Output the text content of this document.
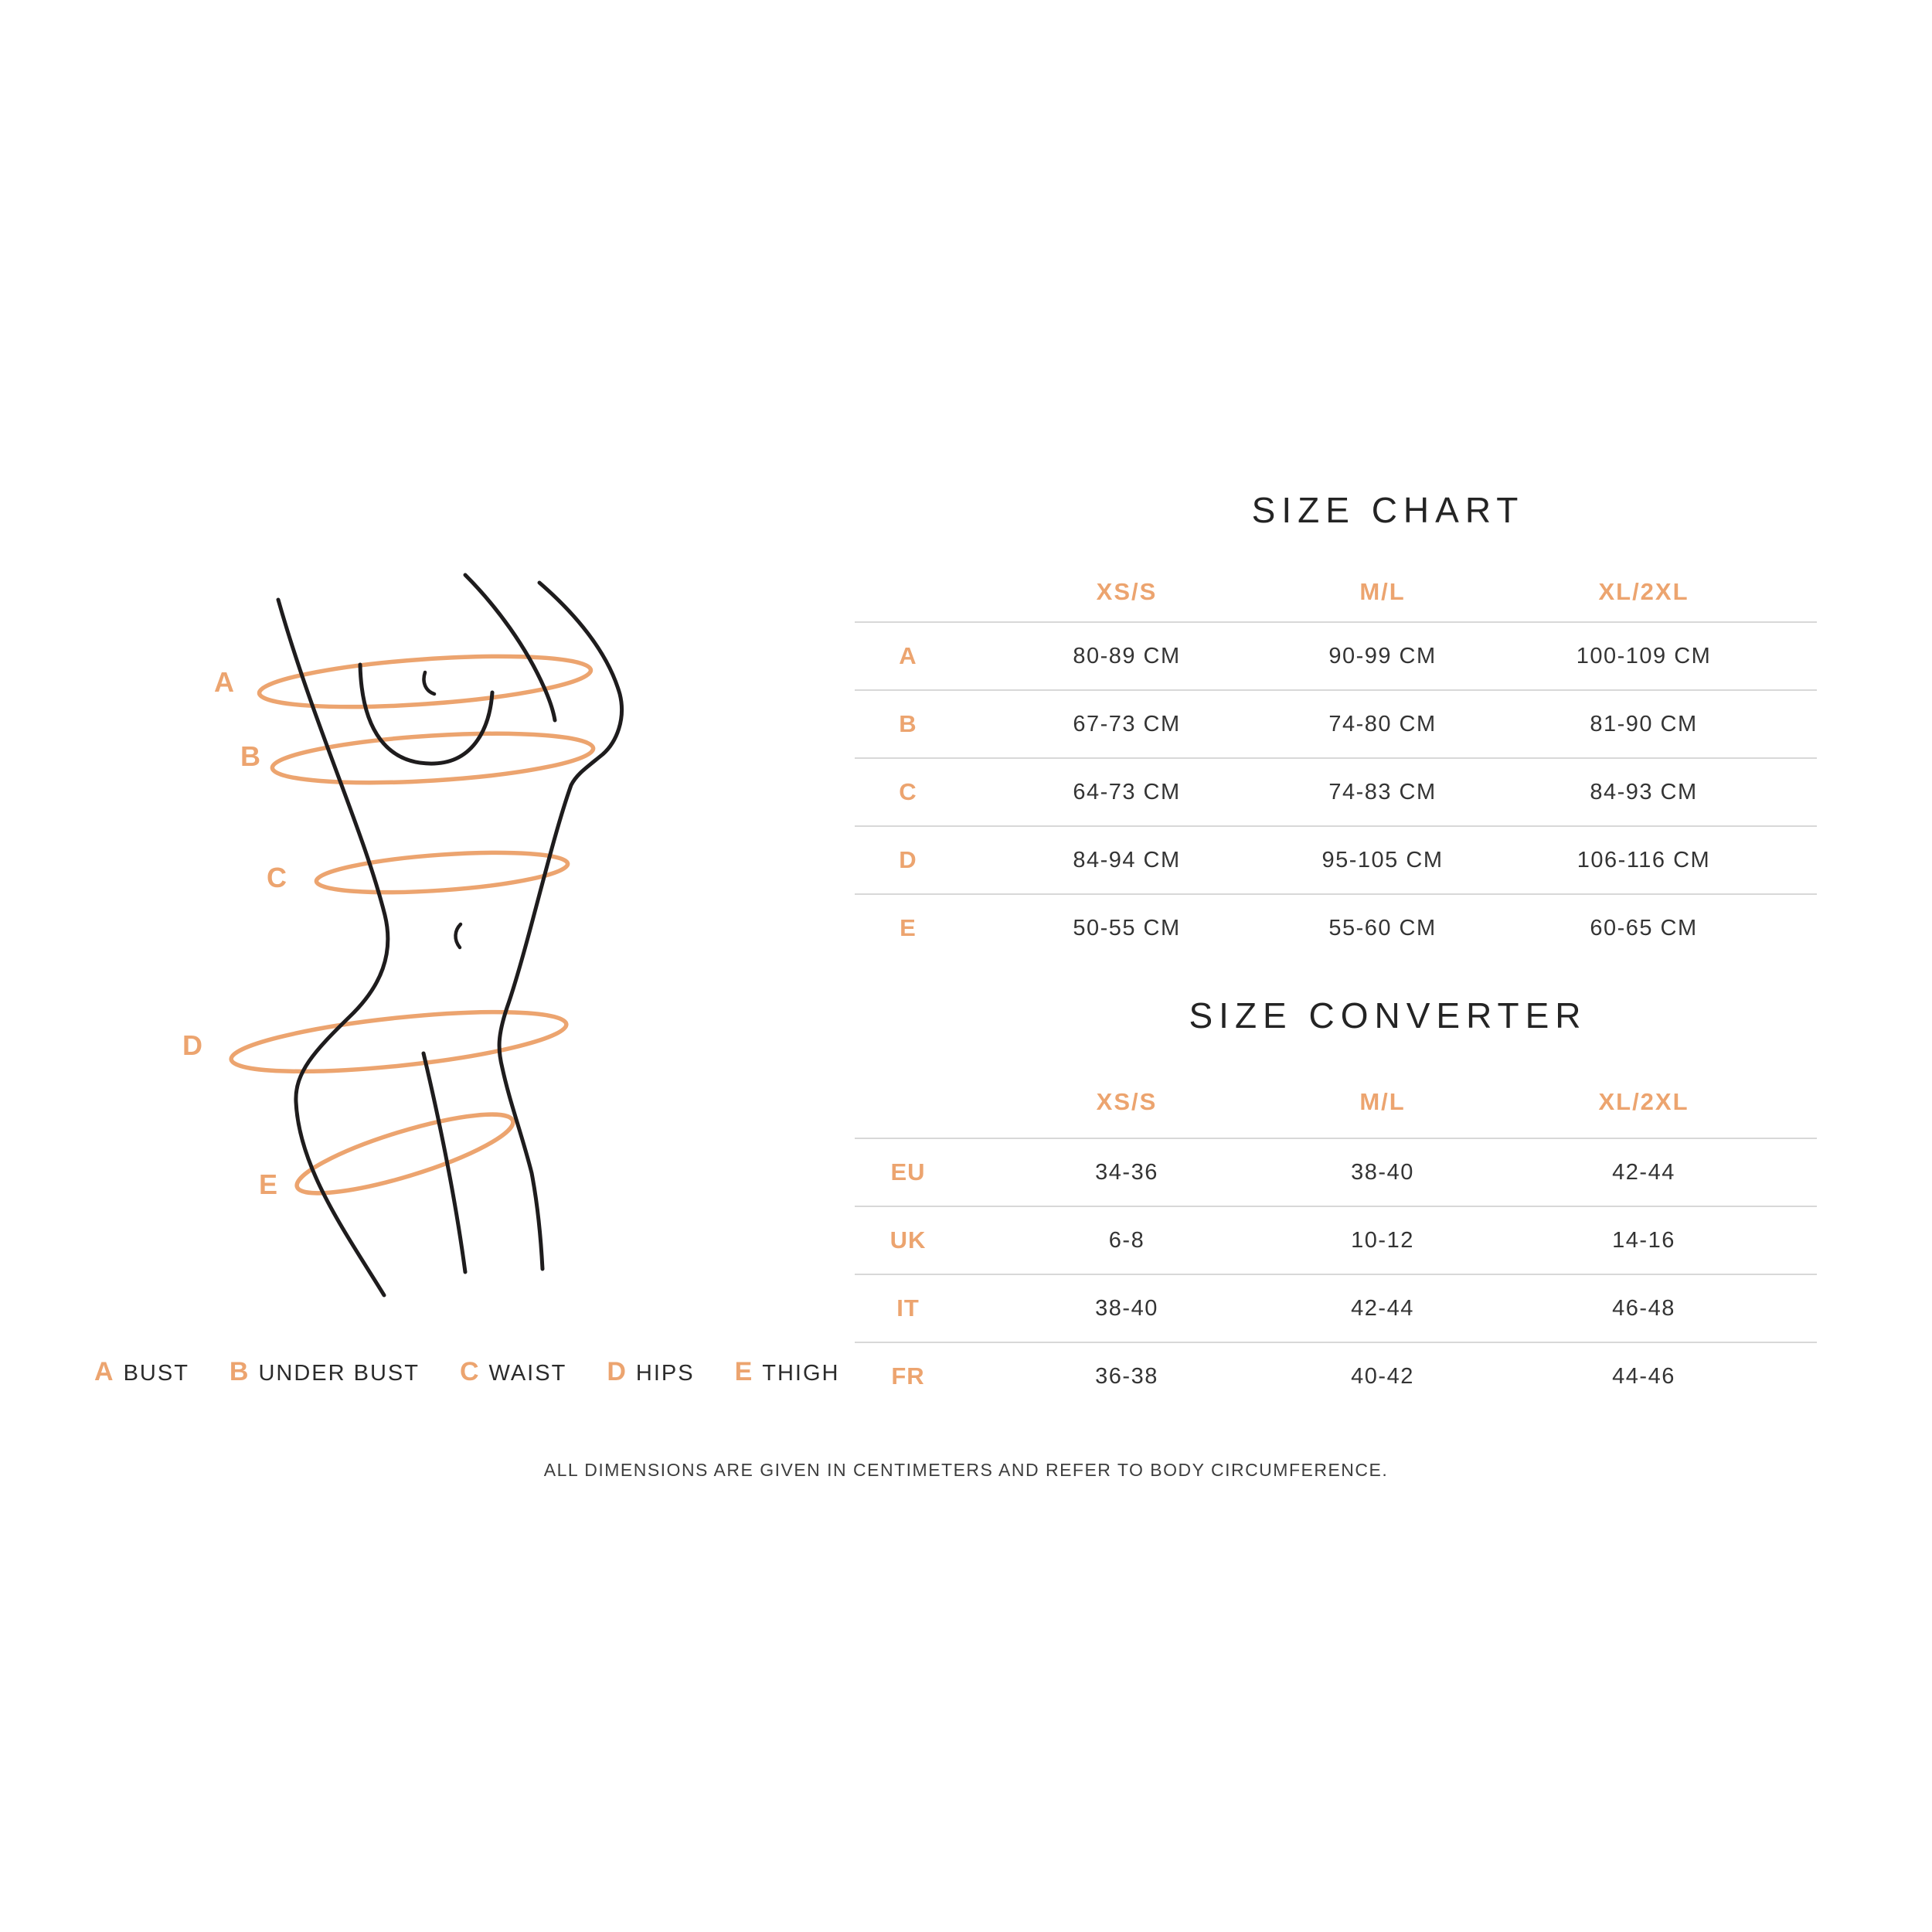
A
B
C
D
E
SIZE CHART
XS/S	M/L	XL/2XL
A	80-89 CM	90-99 CM	100-109 CM
B	67-73 CM	74-80 CM	81-90 CM
C	64-73 CM	74-83 CM	84-93 CM
D	84-94 CM	95-105 CM	106-116 CM
E	50-55 CM	55-60 CM	60-65 CM
SIZE CONVERTER
XS/S	M/L	XL/2XL
EU	34-36	38-40	42-44
UK	6-8	10-12	14-16
IT	38-40	42-44	46-48
FR	36-38	40-42	44-46
A BUST B UNDER BUST C WAIST D HIPS E THIGH
ALL DIMENSIONS ARE GIVEN IN CENTIMETERS AND REFER TO BODY CIRCUMFERENCE.
